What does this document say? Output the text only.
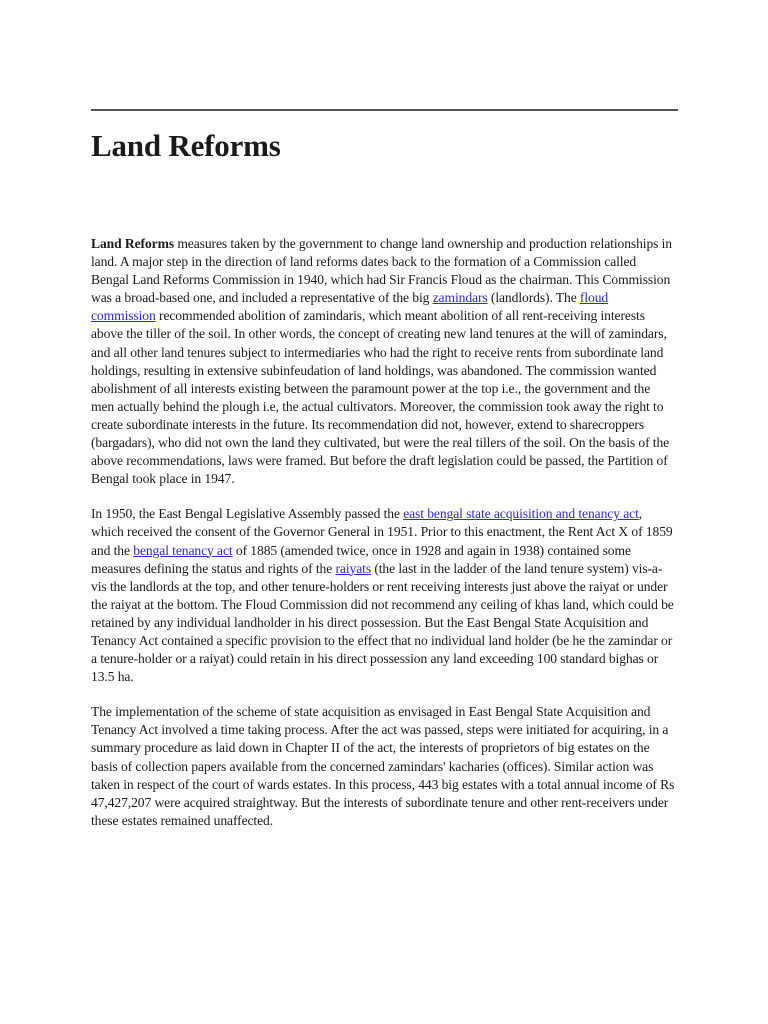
Land Reforms

Land Reforms measures taken by the government to change land ownership and production relationships in land. A major step in the direction of land reforms dates back to the formation of a Commission called Bengal Land Reforms Commission in 1940, which had Sir Francis Floud as the chairman. This Commission was a broad-based one, and included a representative of the big zamindars (landlords). The floud commission recommended abolition of zamindaris, which meant abolition of all rent-receiving interests above the tiller of the soil. In other words, the concept of creating new land tenures at the will of zamindars, and all other land tenures subject to intermediaries who had the right to receive rents from subordinate land holdings, resulting in extensive subinfeudation of land holdings, was abandoned. The commission wanted abolishment of all interests existing between the paramount power at the top i.e., the government and the men actually behind the plough i.e, the actual cultivators. Moreover, the commission took away the right to create subordinate interests in the future. Its recommendation did not, however, extend to sharecroppers (bargadars), who did not own the land they cultivated, but were the real tillers of the soil. On the basis of the above recommendations, laws were framed. But before the draft legislation could be passed, the Partition of Bengal took place in 1947.

In 1950, the East Bengal Legislative Assembly passed the east bengal state acquisition and tenancy act, which received the consent of the Governor General in 1951. Prior to this enactment, the Rent Act X of 1859 and the bengal tenancy act of 1885 (amended twice, once in 1928 and again in 1938) contained some measures defining the status and rights of the raiyats (the last in the ladder of the land tenure system) vis-a-vis the landlords at the top, and other tenure-holders or rent receiving interests just above the raiyat or under the raiyat at the bottom. The Floud Commission did not recommend any ceiling of khas land, which could be retained by any individual landholder in his direct possession. But the East Bengal State Acquisition and Tenancy Act contained a specific provision to the effect that no individual land holder (be he the zamindar or a tenure-holder or a raiyat) could retain in his direct possession any land exceeding 100 standard bighas or 13.5 ha.

The implementation of the scheme of state acquisition as envisaged in East Bengal State Acquisition and Tenancy Act involved a time taking process. After the act was passed, steps were initiated for acquiring, in a summary procedure as laid down in Chapter II of the act, the interests of proprietors of big estates on the basis of collection papers available from the concerned zamindars' kacharies (offices). Similar action was taken in respect of the court of wards estates. In this process, 443 big estates with a total annual income of Rs 47,427,207 were acquired straightway. But the interests of subordinate tenure and other rent-receivers under these estates remained unaffected.
